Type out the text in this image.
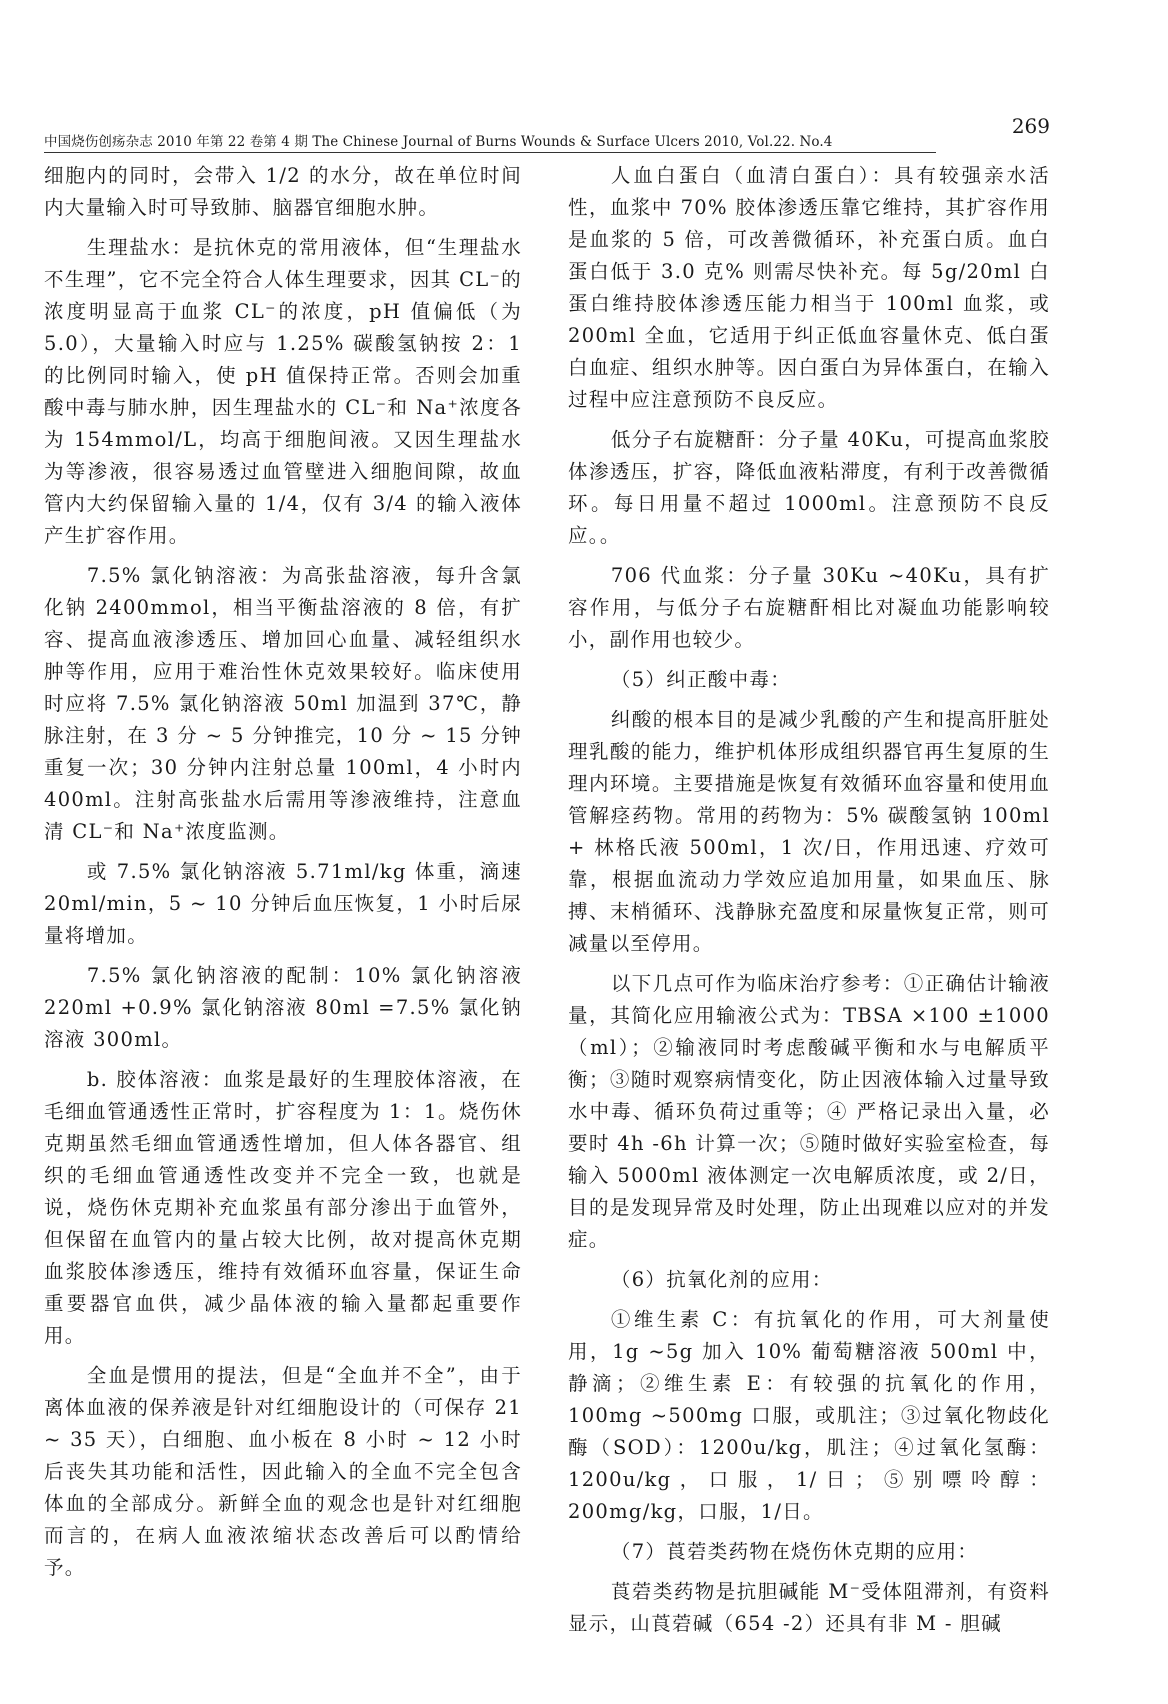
中国烧伤创疡杂志 2010 年第 22 卷第 4 期 The Chinese Journal of Burns Wounds & Surface Ulcers 2010, Vol.22. No.4
269

细胞内的同时，会带入 1/2 的水分，故在单位时间内大量输入时可导致肺、脑器官细胞水肿。

生理盐水：是抗休克的常用液体，但“生理盐水不生理”，它不完全符合人体生理要求，因其 CL⁻的浓度明显高于血浆 CL⁻的浓度，pH 值偏低（为 5.0），大量输入时应与 1.25% 碳酸氢钠按 2：1 的比例同时输入，使 pH 值保持正常。否则会加重酸中毒与肺水肿，因生理盐水的 CL⁻和 Na⁺浓度各为 154mmol/L，均高于细胞间液。又因生理盐水为等渗液，很容易透过血管壁进入细胞间隙，故血管内大约保留输入量的 1/4，仅有 3/4 的输入液体产生扩容作用。

7.5% 氯化钠溶液：为高张盐溶液，每升含氯化钠 2400mmol，相当平衡盐溶液的 8 倍，有扩容、提高血液渗透压、增加回心血量、减轻组织水肿等作用，应用于难治性休克效果较好。临床使用时应将 7.5% 氯化钠溶液 50ml 加温到 37℃，静脉注射，在 3 分 ~ 5 分钟推完，10 分 ~ 15 分钟重复一次；30 分钟内注射总量 100ml，4 小时内 400ml。注射高张盐水后需用等渗液维持，注意血清 CL⁻和 Na⁺浓度监测。

或 7.5% 氯化钠溶液 5.71ml/kg 体重，滴速 20ml/min，5 ~ 10 分钟后血压恢复，1 小时后尿量将增加。

7.5% 氯化钠溶液的配制：10% 氯化钠溶液 220ml +0.9% 氯化钠溶液 80ml =7.5% 氯化钠溶液 300ml。

b. 胶体溶液：血浆是最好的生理胶体溶液，在毛细血管通透性正常时，扩容程度为 1：1。烧伤休克期虽然毛细血管通透性增加，但人体各器官、组织的毛细血管通透性改变并不完全一致，也就是说，烧伤休克期补充血浆虽有部分渗出于血管外，但保留在血管内的量占较大比例，故对提高休克期血浆胶体渗透压，维持有效循环血容量，保证生命重要器官血供，减少晶体液的输入量都起重要作用。

全血是惯用的提法，但是“全血并不全”，由于离体血液的保养液是针对红细胞设计的（可保存 21 ~ 35 天），白细胞、血小板在 8 小时 ~ 12 小时后丧失其功能和活性，因此输入的全血不完全包含体血的全部成分。新鲜全血的观念也是针对红细胞而言的，在病人血液浓缩状态改善后可以酌情给予。

人血白蛋白（血清白蛋白）：具有较强亲水活性，血浆中 70% 胶体渗透压靠它维持，其扩容作用是血浆的 5 倍，可改善微循环，补充蛋白质。血白蛋白低于 3.0 克% 则需尽快补充。每 5g/20ml 白蛋白维持胶体渗透压能力相当于 100ml 血浆，或 200ml 全血，它适用于纠正低血容量休克、低白蛋白血症、组织水肿等。因白蛋白为异体蛋白，在输入过程中应注意预防不良反应。

低分子右旋糖酐：分子量 40Ku，可提高血浆胶体渗透压，扩容，降低血液粘滞度，有利于改善微循环。每日用量不超过 1000ml。注意预防不良反应。。

706 代血浆：分子量 30Ku ~40Ku，具有扩容作用，与低分子右旋糖酐相比对凝血功能影响较小，副作用也较少。

（5）纠正酸中毒：

纠酸的根本目的是减少乳酸的产生和提高肝脏处理乳酸的能力，维护机体形成组织器官再生复原的生理内环境。主要措施是恢复有效循环血容量和使用血管解痉药物。常用的药物为：5% 碳酸氢钠 100ml + 林格氏液 500ml，1 次/日，作用迅速、疗效可靠，根据血流动力学效应追加用量，如果血压、脉搏、末梢循环、浅静脉充盈度和尿量恢复正常，则可减量以至停用。

以下几点可作为临床治疗参考：①正确估计输液量，其简化应用输液公式为：TBSA ×100 ±1000（ml）；②输液同时考虑酸碱平衡和水与电解质平衡；③随时观察病情变化，防止因液体输入过量导致水中毒、循环负荷过重等；④ 严格记录出入量，必要时 4h -6h 计算一次；⑤随时做好实验室检查，每输入 5000ml 液体测定一次电解质浓度，或 2/日，目的是发现异常及时处理，防止出现难以应对的并发症。

（6）抗氧化剂的应用：

①维生素 C：有抗氧化的作用，可大剂量使用，1g ~5g 加入 10% 葡萄糖溶液 500ml 中，静滴；②维生素 E：有较强的抗氧化的作用，100mg ~500mg 口服，或肌注；③过氧化物歧化酶（SOD）：1200u/kg，肌注；④过氧化氢酶：1200u/kg，口服，1/日；⑤别嘌呤醇：200mg/kg，口服，1/日。

（7）莨菪类药物在烧伤休克期的应用：

莨菪类药物是抗胆碱能 M⁻受体阻滞剂，有资料显示，山莨菪碱（654 -2）还具有非 M - 胆碱
